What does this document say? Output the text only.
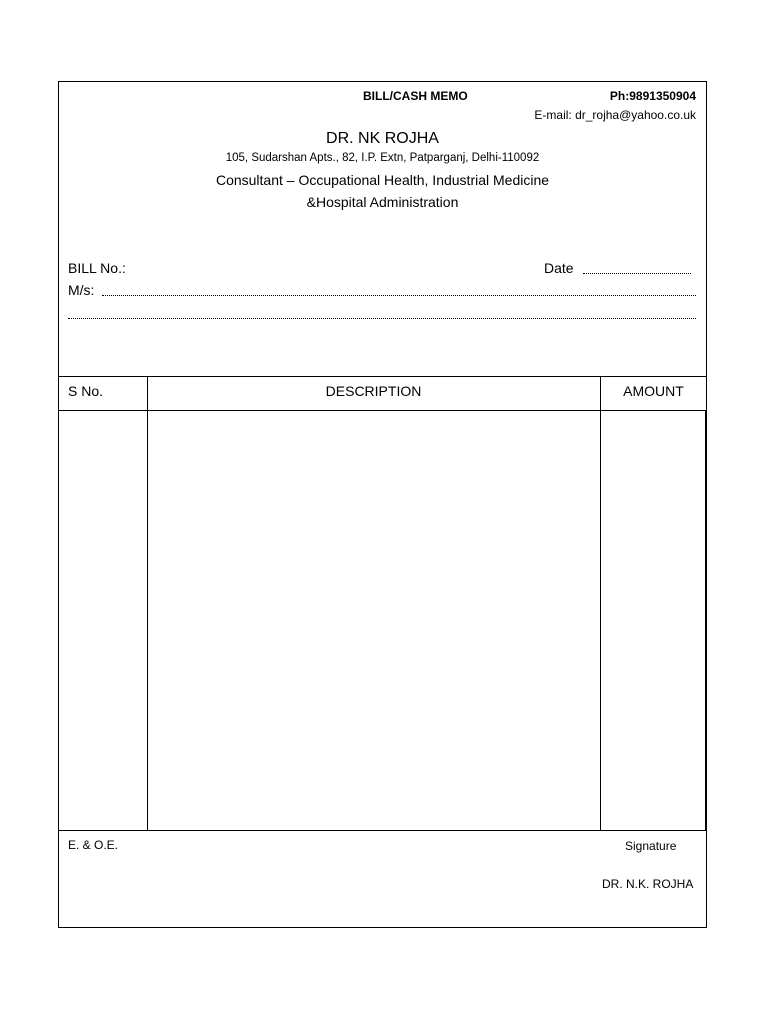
BILL/CASH MEMO	Ph:9891350904
E-mail: dr_rojha@yahoo.co.uk
DR. NK ROJHA
105, Sudarshan Apts., 82, I.P. Extn, Patparganj, Delhi-110092
Consultant – Occupational Health, Industrial Medicine
&Hospital Administration
BILL No.:	Date
M/s:
S No.	DESCRIPTION	AMOUNT
E. & O.E.	Signature
DR. N.K. ROJHA
